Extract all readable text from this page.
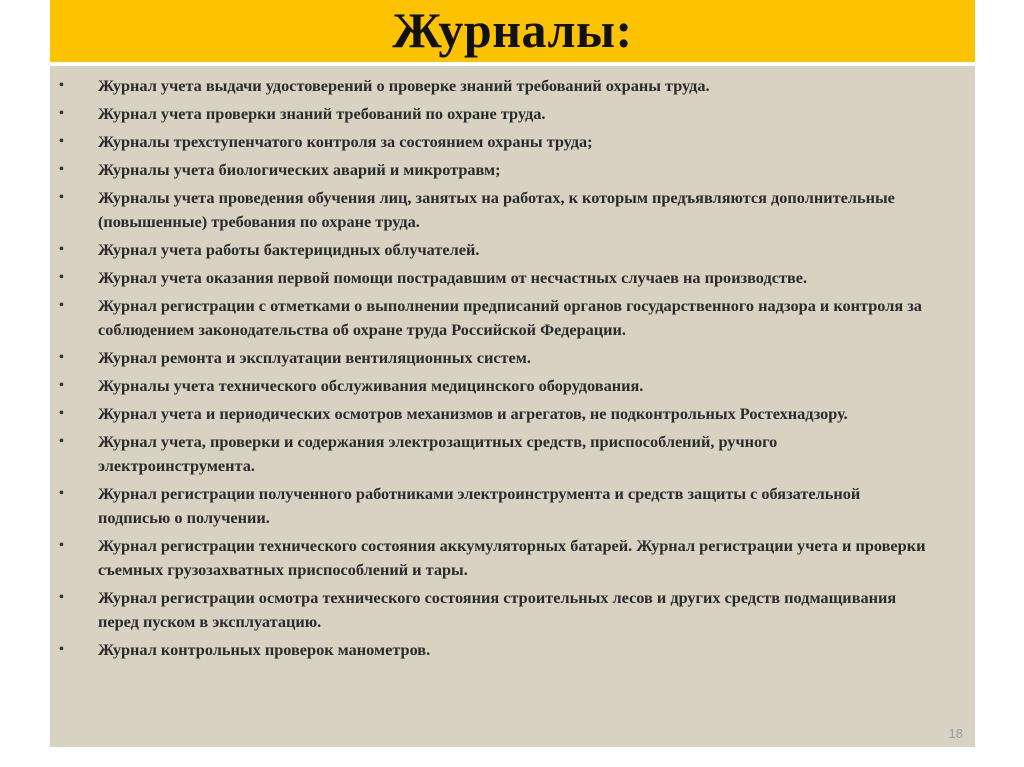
Журналы:
• Журнал учета выдачи удостоверений о проверке знаний требований охраны труда.
• Журнал учета проверки знаний требований по охране труда.
• Журналы трехступенчатого контроля за состоянием охраны труда;
• Журналы учета биологических аварий и микротравм;
• Журналы учета проведения обучения лиц, занятых на работах, к которым предъявляются дополнительные (повышенные) требования по охране труда.
• Журнал учета работы бактерицидных облучателей.
• Журнал учета оказания первой помощи пострадавшим от несчастных случаев на производстве.
• Журнал регистрации с отметками о выполнении предписаний органов государственного надзора и контроля за соблюдением законодательства об охране труда Российской Федерации.
• Журнал ремонта и эксплуатации вентиляционных систем.
• Журналы учета технического обслуживания медицинского оборудования.
• Журнал учета и периодических осмотров механизмов и агрегатов, не подконтрольных Ростехнадзору.
• Журнал учета, проверки и содержания электрозащитных средств, приспособлений, ручного электроинструмента.
• Журнал регистрации полученного работниками электроинструмента и средств защиты с обязательной подписью о получении.
• Журнал регистрации технического состояния аккумуляторных батарей. Журнал регистрации учета и проверки съемных грузозахватных приспособлений и тары.
• Журнал регистрации осмотра технического состояния строительных лесов и других средств подмащивания перед пуском в эксплуатацию.
• Журнал контрольных проверок манометров.
18
